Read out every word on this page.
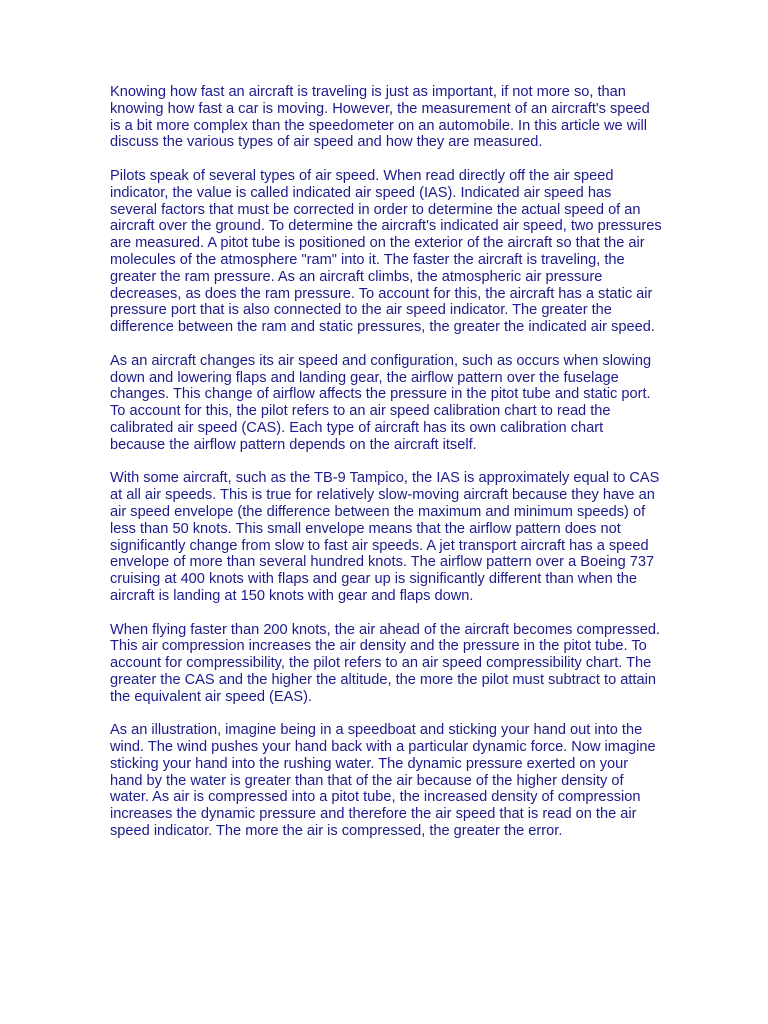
Knowing how fast an aircraft is traveling is just as important, if not more so, than knowing how fast a car is moving. However, the measurement of an aircraft's speed is a bit more complex than the speedometer on an automobile. In this article we will discuss the various types of air speed and how they are measured.

Pilots speak of several types of air speed. When read directly off the air speed indicator, the value is called indicated air speed (IAS). Indicated air speed has several factors that must be corrected in order to determine the actual speed of an aircraft over the ground. To determine the aircraft's indicated air speed, two pressures are measured. A pitot tube is positioned on the exterior of the aircraft so that the air molecules of the atmosphere "ram" into it. The faster the aircraft is traveling, the greater the ram pressure. As an aircraft climbs, the atmospheric air pressure decreases, as does the ram pressure. To account for this, the aircraft has a static air pressure port that is also connected to the air speed indicator. The greater the difference between the ram and static pressures, the greater the indicated air speed.

As an aircraft changes its air speed and configuration, such as occurs when slowing down and lowering flaps and landing gear, the airflow pattern over the fuselage changes. This change of airflow affects the pressure in the pitot tube and static port. To account for this, the pilot refers to an air speed calibration chart to read the calibrated air speed (CAS). Each type of aircraft has its own calibration chart because the airflow pattern depends on the aircraft itself.

With some aircraft, such as the TB-9 Tampico, the IAS is approximately equal to CAS at all air speeds. This is true for relatively slow-moving aircraft because they have an air speed envelope (the difference between the maximum and minimum speeds) of less than 50 knots. This small envelope means that the airflow pattern does not significantly change from slow to fast air speeds. A jet transport aircraft has a speed envelope of more than several hundred knots. The airflow pattern over a Boeing 737 cruising at 400 knots with flaps and gear up is significantly different than when the aircraft is landing at 150 knots with gear and flaps down.

When flying faster than 200 knots, the air ahead of the aircraft becomes compressed. This air compression increases the air density and the pressure in the pitot tube. To account for compressibility, the pilot refers to an air speed compressibility chart. The greater the CAS and the higher the altitude, the more the pilot must subtract to attain the equivalent air speed (EAS).

As an illustration, imagine being in a speedboat and sticking your hand out into the wind. The wind pushes your hand back with a particular dynamic force. Now imagine sticking your hand into the rushing water. The dynamic pressure exerted on your hand by the water is greater than that of the air because of the higher density of water. As air is compressed into a pitot tube, the increased density of compression increases the dynamic pressure and therefore the air speed that is read on the air speed indicator. The more the air is compressed, the greater the error.
